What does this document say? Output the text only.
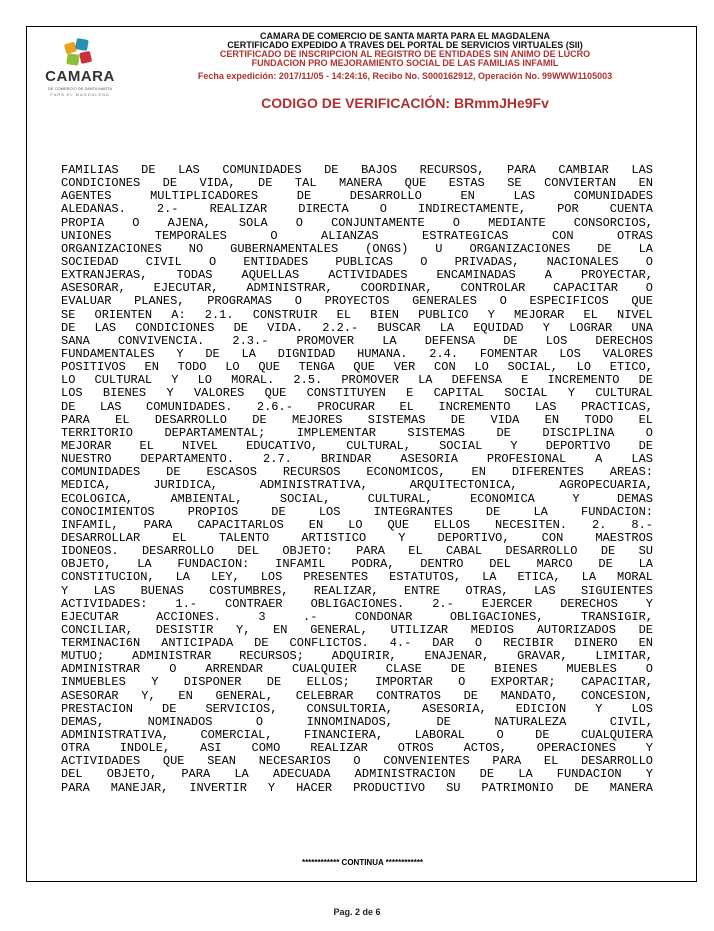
CAMARA
DE COMERCIO DE SANTA MARTA
PARA EL MAGDALENA
CAMARA DE COMERCIO DE SANTA MARTA PARA EL MAGDALENA
CERTIFICADO EXPEDIDO A TRAVES DEL PORTAL DE SERVICIOS VIRTUALES (SII)
CERTIFICADO DE INSCRIPCION AL REGISTRO DE ENTIDADES SIN ANIMO DE LUCRO
FUNDACION PRO MEJORAMIENTO SOCIAL DE LAS FAMILIAS INFAMIL
Fecha expedición: 2017/11/05 - 14:24:16, Recibo No. S000162912, Operación No. 99WWW1105003
CODIGO DE VERIFICACIÓN: BRmmJHe9Fv
FAMILIAS DE LAS COMUNIDADES DE BAJOS RECURSOS, PARA CAMBIAR LAS
CONDICIONES DE VIDA, DE TAL MANERA QUE ESTAS SE CONVIERTAN EN
AGENTES MULTIPLICADORES DE DESARROLLO EN LAS COMUNIDADES
ALEDAÑAS. 2.- REALIZAR DIRECTA O INDIRECTAMENTE, POR CUENTA
PROPIA O AJENA, SOLA O CONJUNTAMENTE O MEDIANTE CONSORCIOS,
UNIONES TEMPORALES O ALIANZAS ESTRATEGICAS CON OTRAS
ORGANIZACIONES NO GUBERNAMENTALES (ONGS) U ORGANIZACIONES DE LA
SOCIEDAD CIVIL O ENTIDADES PUBLICAS O PRIVADAS, NACIONALES O
EXTRANJERAS, TODAS AQUELLAS ACTIVIDADES ENCAMINADAS A PROYECTAR,
ASESORAR, EJECUTAR, ADMINISTRAR, COORDINAR, CONTROLAR CAPACITAR O
EVALUAR PLANES, PROGRAMAS O PROYECTOS GENERALES O ESPECIFICOS QUE
SE ORIENTEN A: 2.1. CONSTRUIR EL BIEN PUBLICO Y MEJORAR EL NIVEL
DE LAS CONDICIONES DE VIDA. 2.2.- BUSCAR LA EQUIDAD Y LOGRAR UNA
SANA CONVIVENCIA. 2.3.- PROMOVER LA DEFENSA DE LOS DERECHOS
FUNDAMENTALES Y DE LA DIGNIDAD HUMANA. 2.4. FOMENTAR LOS VALORES
POSITIVOS EN TODO LO QUE TENGA QUE VER CON LO SOCIAL, LO ETICO,
LO CULTURAL Y LO MORAL. 2.5. PROMOVER LA DEFENSA E INCREMENTO DE
LOS BIENES Y VALORES QUE CONSTITUYEN E CAPITAL SOCIAL Y CULTURAL
DE LAS COMUNIDADES. 2.6.- PROCURAR EL INCREMENTO LAS PRACTICAS,
PARA EL DESARROLLO DE MEJORES SISTEMAS DE VIDA EN TODO EL
TERRITORIO DEPARTAMENTAL; IMPLEMENTAR SISTEMAS DE DISCIPLINA O
MEJORAR EL NIVEL EDUCATIVO, CULTURAL, SOCIAL Y DEPORTIVO DE
NUESTRO DEPARTAMENTO. 2.7. BRINDAR ASESORIA PROFESIONAL A LAS
COMUNIDADES DE ESCASOS RECURSOS ECONOMICOS, EN DIFERENTES AREAS:
MEDICA, JURIDICA, ADMINISTRATIVA, ARQUITECTONICA, AGROPECUARIA,
ECOLOGICA, AMBIENTAL, SOCIAL, CULTURAL, ECONOMICA Y DEMAS
CONOCIMIENTOS PROPIOS DE LOS INTEGRANTES DE LA FUNDACION:
INFAMIL, PARA CAPACITARLOS EN LO QUE ELLOS NECESITEN. 2. 8.-
DESARROLLAR EL TALENTO ARTISTICO Y DEPORTIVO, CON MAESTROS
IDONEOS. DESARROLLO DEL OBJETO: PARA EL CABAL DESARROLLO DE SU
OBJETO, LA FUNDACION: INFAMIL PODRA, DENTRO DEL MARCO DE LA
CONSTITUCION, LA LEY, LOS PRESENTES ESTATUTOS, LA ETICA, LA MORAL
Y LAS BUENAS COSTUMBRES, REALIZAR, ENTRE OTRAS, LAS SIGUIENTES
ACTIVIDADES: 1.- CONTRAER OBLIGACIONES. 2.- EJERCER DERECHOS Y
EJECUTAR ACCIONES. 3 .- CONDONAR OBLIGACIONES, TRANSIGIR,
CONCILIAR, DESISTIR Y, EN GENERAL, UTILIZAR MEDIOS AUTORIZADOS DE
TERMINACI6N ANTICIPADA DE CONFLICTOS. 4.- DAR O RECIBIR DINERO EN
MUTUO; ADMINISTRAR RECURSOS; ADQUIRIR, ENAJENAR, GRAVAR, LIMITAR,
ADMINISTRAR O ARRENDAR CUALQUIER CLASE DE BIENES MUEBLES O
INMUEBLES Y DISPONER DE ELLOS; IMPORTAR O EXPORTAR; CAPACITAR,
ASESORAR Y, EN GENERAL, CELEBRAR CONTRATOS DE MANDATO, CONCESION,
PRESTACION DE SERVICIOS, CONSULTORIA, ASESORIA, EDICION Y LOS
DEMAS, NOMINADOS O INNOMINADOS, DE NATURALEZA CIVIL,
ADMINISTRATIVA, COMERCIAL, FINANCIERA, LABORAL O DE CUALQUIERA
OTRA INDOLE, ASI COMO REALIZAR OTROS ACTOS, OPERACIONES Y
ACTIVIDADES QUE SEAN NECESARIOS O CONVENIENTES PARA EL DESARROLLO
DEL OBJETO, PARA LA ADECUADA ADMINISTRACION DE LA FUNDACION Y
PARA MANEJAR, INVERTIR Y HACER PRODUCTIVO SU PATRIMONIO DE MANERA
************ CONTINUA ************
Pag. 2 de 6
